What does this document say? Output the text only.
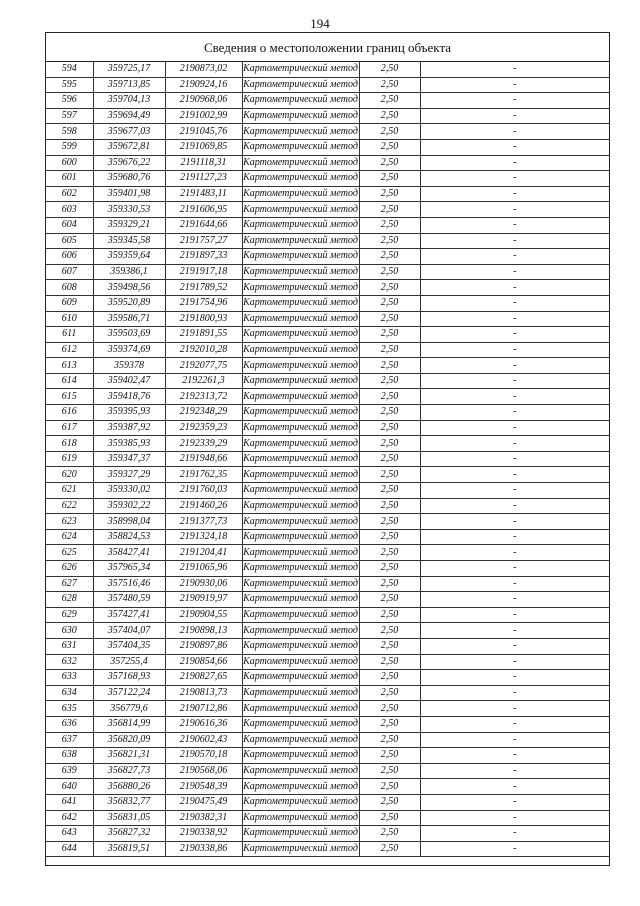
194
Сведения о местоположении границ объекта
594	359725,17	2190873,02	Картометрический метод	2,50	-
595	359713,85	2190924,16	Картометрический метод	2,50	-
596	359704,13	2190968,06	Картометрический метод	2,50	-
597	359694,49	2191002,99	Картометрический метод	2,50	-
598	359677,03	2191045,76	Картометрический метод	2,50	-
599	359672,81	2191069,85	Картометрический метод	2,50	-
600	359676,22	2191118,31	Картометрический метод	2,50	-
601	359680,76	2191127,23	Картометрический метод	2,50	-
602	359401,98	2191483,11	Картометрический метод	2,50	-
603	359330,53	2191606,95	Картометрический метод	2,50	-
604	359329,21	2191644,66	Картометрический метод	2,50	-
605	359345,58	2191757,27	Картометрический метод	2,50	-
606	359359,64	2191897,33	Картометрический метод	2,50	-
607	359386,1	2191917,18	Картометрический метод	2,50	-
608	359498,56	2191789,52	Картометрический метод	2,50	-
609	359520,89	2191754,96	Картометрический метод	2,50	-
610	359586,71	2191800,93	Картометрический метод	2,50	-
611	359503,69	2191891,55	Картометрический метод	2,50	-
612	359374,69	2192010,28	Картометрический метод	2,50	-
613	359378	2192077,75	Картометрический метод	2,50	-
614	359402,47	2192261,3	Картометрический метод	2,50	-
615	359418,76	2192313,72	Картометрический метод	2,50	-
616	359395,93	2192348,29	Картометрический метод	2,50	-
617	359387,92	2192359,23	Картометрический метод	2,50	-
618	359385,93	2192339,29	Картометрический метод	2,50	-
619	359347,37	2191948,66	Картометрический метод	2,50	-
620	359327,29	2191762,35	Картометрический метод	2,50	-
621	359330,02	2191760,03	Картометрический метод	2,50	-
622	359302,22	2191460,26	Картометрический метод	2,50	-
623	358998,04	2191377,73	Картометрический метод	2,50	-
624	358824,53	2191324,18	Картометрический метод	2,50	-
625	358427,41	2191204,41	Картометрический метод	2,50	-
626	357965,34	2191065,96	Картометрический метод	2,50	-
627	357516,46	2190930,06	Картометрический метод	2,50	-
628	357480,59	2190919,97	Картометрический метод	2,50	-
629	357427,41	2190904,55	Картометрический метод	2,50	-
630	357404,07	2190898,13	Картометрический метод	2,50	-
631	357404,35	2190897,86	Картометрический метод	2,50	-
632	357255,4	2190854,66	Картометрический метод	2,50	-
633	357168,93	2190827,65	Картометрический метод	2,50	-
634	357122,24	2190813,73	Картометрический метод	2,50	-
635	356779,6	2190712,86	Картометрический метод	2,50	-
636	356814,99	2190616,36	Картометрический метод	2,50	-
637	356820,09	2190602,43	Картометрический метод	2,50	-
638	356821,31	2190570,18	Картометрический метод	2,50	-
639	356827,73	2190568,06	Картометрический метод	2,50	-
640	356880,26	2190548,39	Картометрический метод	2,50	-
641	356832,77	2190475,49	Картометрический метод	2,50	-
642	356831,05	2190382,31	Картометрический метод	2,50	-
643	356827,32	2190338,92	Картометрический метод	2,50	-
644	356819,51	2190338,86	Картометрический метод	2,50	-
